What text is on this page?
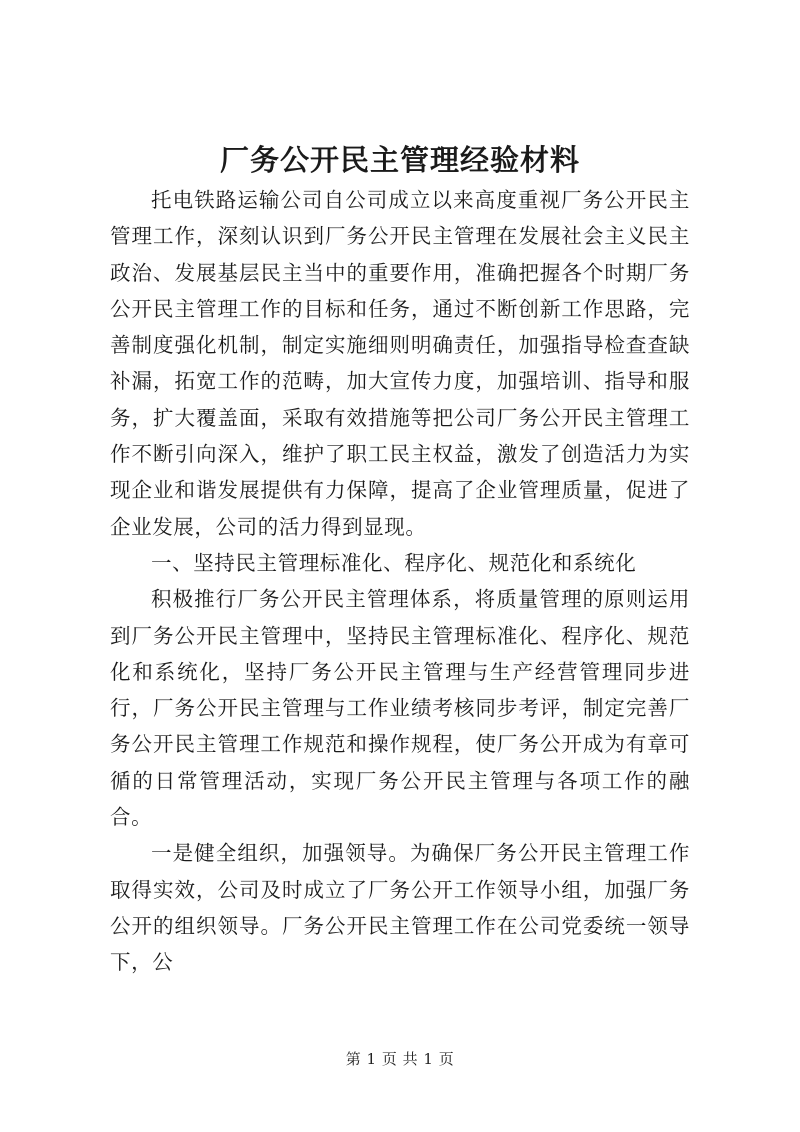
厂务公开民主管理经验材料

托电铁路运输公司自公司成立以来高度重视厂务公开民主管理工作，深刻认识到厂务公开民主管理在发展社会主义民主政治、发展基层民主当中的重要作用，准确把握各个时期厂务公开民主管理工作的目标和任务，通过不断创新工作思路，完善制度强化机制，制定实施细则明确责任，加强指导检查查缺补漏，拓宽工作的范畴，加大宣传力度，加强培训、指导和服务，扩大覆盖面，采取有效措施等把公司厂务公开民主管理工作不断引向深入，维护了职工民主权益，激发了创造活力为实现企业和谐发展提供有力保障，提高了企业管理质量，促进了企业发展，公司的活力得到显现。

一、坚持民主管理标准化、程序化、规范化和系统化

积极推行厂务公开民主管理体系，将质量管理的原则运用到厂务公开民主管理中，坚持民主管理标准化、程序化、规范化和系统化，坚持厂务公开民主管理与生产经营管理同步进行，厂务公开民主管理与工作业绩考核同步考评，制定完善厂务公开民主管理工作规范和操作规程，使厂务公开成为有章可循的日常管理活动，实现厂务公开民主管理与各项工作的融合。

一是健全组织，加强领导。为确保厂务公开民主管理工作取得实效，公司及时成立了厂务公开工作领导小组，加强厂务公开的组织领导。厂务公开民主管理工作在公司党委统一领导下，公

第 1 页 共 1 页
